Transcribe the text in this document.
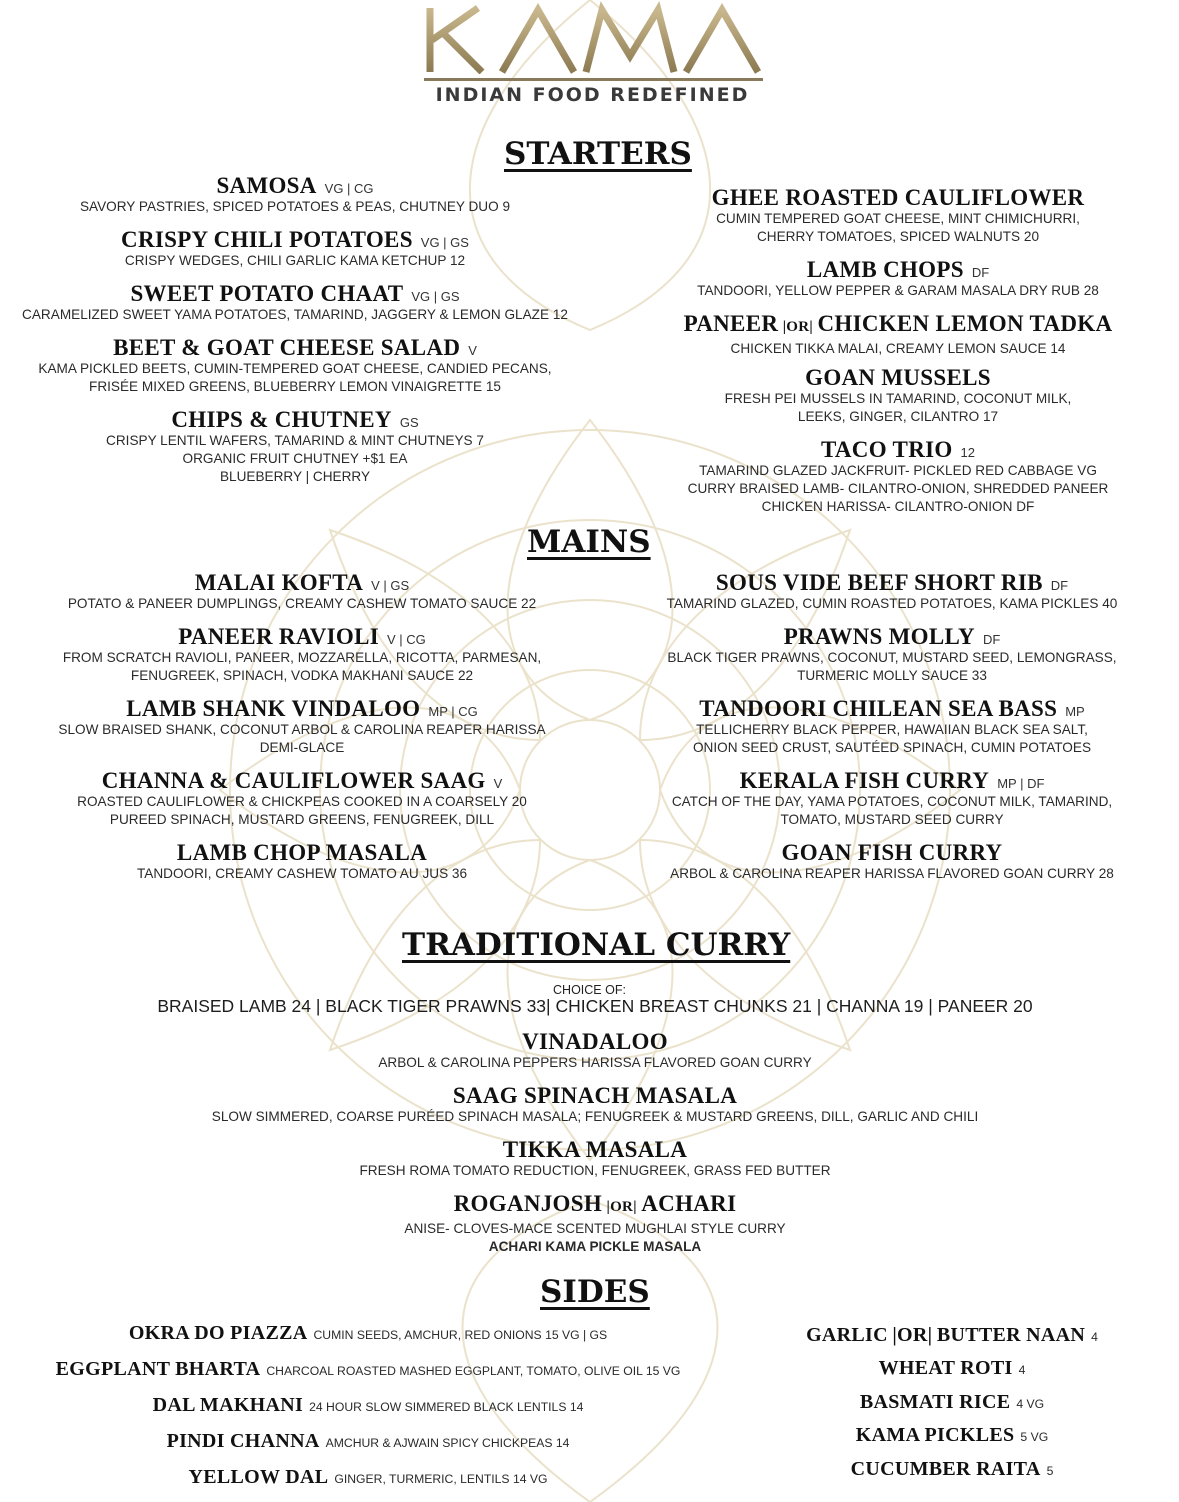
INDIAN FOOD REDEFINED
STARTERS
MAINS
TRADITIONAL CURRY
SIDES
SAMOSA VG | CG
SAVORY PASTRIES, SPICED POTATOES & PEAS, CHUTNEY DUO 9
CRISPY CHILI POTATOES VG | GS
CRISPY WEDGES, CHILI GARLIC KAMA KETCHUP 12
SWEET POTATO CHAAT VG | GS
CARAMELIZED SWEET YAMA POTATOES, TAMARIND, JAGGERY & LEMON GLAZE 12
BEET & GOAT CHEESE SALAD V
KAMA PICKLED BEETS, CUMIN-TEMPERED GOAT CHEESE, CANDIED PECANS,
FRISÉE MIXED GREENS, BLUEBERRY LEMON VINAIGRETTE 15
CHIPS & CHUTNEY GS
CRISPY LENTIL WAFERS, TAMARIND & MINT CHUTNEYS 7
ORGANIC FRUIT CHUTNEY +$1 EA
BLUEBERRY | CHERRY
GHEE ROASTED CAULIFLOWER
CUMIN TEMPERED GOAT CHEESE, MINT CHIMICHURRI,
CHERRY TOMATOES, SPICED WALNUTS 20
LAMB CHOPS DF
TANDOORI, YELLOW PEPPER & GARAM MASALA DRY RUB 28
PANEER |OR| CHICKEN LEMON TADKA
CHICKEN TIKKA MALAI, CREAMY LEMON SAUCE 14
GOAN MUSSELS
FRESH PEI MUSSELS IN TAMARIND, COCONUT MILK,
LEEKS, GINGER, CILANTRO 17
TACO TRIO 12
TAMARIND GLAZED JACKFRUIT- PICKLED RED CABBAGE VG
CURRY BRAISED LAMB- CILANTRO-ONION, SHREDDED PANEER
CHICKEN HARISSA- CILANTRO-ONION DF
MALAI KOFTA V | GS
POTATO & PANEER DUMPLINGS, CREAMY CASHEW TOMATO SAUCE 22
PANEER RAVIOLI V | CG
FROM SCRATCH RAVIOLI, PANEER, MOZZARELLA, RICOTTA, PARMESAN,
FENUGREEK, SPINACH, VODKA MAKHANI SAUCE 22
LAMB SHANK VINDALOO MP | CG
SLOW BRAISED SHANK, COCONUT ARBOL & CAROLINA REAPER HARISSA
DEMI-GLACE
CHANNA & CAULIFLOWER SAAG V
ROASTED CAULIFLOWER & CHICKPEAS COOKED IN A COARSELY 20
PUREED SPINACH, MUSTARD GREENS, FENUGREEK, DILL
LAMB CHOP MASALA
TANDOORI, CREAMY CASHEW TOMATO AU JUS 36
SOUS VIDE BEEF SHORT RIB DF
TAMARIND GLAZED, CUMIN ROASTED POTATOES, KAMA PICKLES 40
PRAWNS MOLLY DF
BLACK TIGER PRAWNS, COCONUT, MUSTARD SEED, LEMONGRASS,
TURMERIC MOLLY SAUCE 33
TANDOORI CHILEAN SEA BASS MP
TELLICHERRY BLACK PEPPER, HAWAIIAN BLACK SEA SALT,
ONION SEED CRUST, SAUTÉED SPINACH, CUMIN POTATOES
KERALA FISH CURRY MP | DF
CATCH OF THE DAY, YAMA POTATOES, COCONUT MILK, TAMARIND,
TOMATO, MUSTARD SEED CURRY
GOAN FISH CURRY
ARBOL & CAROLINA REAPER HARISSA FLAVORED GOAN CURRY 28
CHOICE OF:
BRAISED LAMB 24 | BLACK TIGER PRAWNS 33| CHICKEN BREAST CHUNKS 21 | CHANNA 19 | PANEER 20
VINADALOO
ARBOL & CAROLINA PEPPERS HARISSA FLAVORED GOAN CURRY
SAAG SPINACH MASALA
SLOW SIMMERED, COARSE PURÉED SPINACH MASALA; FENUGREEK & MUSTARD GREENS, DILL, GARLIC AND CHILI
TIKKA MASALA
FRESH ROMA TOMATO REDUCTION, FENUGREEK, GRASS FED BUTTER
ROGANJOSH |OR| ACHARI
ANISE- CLOVES-MACE SCENTED MUGHLAI STYLE CURRY
ACHARI KAMA PICKLE MASALA
OKRA DO PIAZZA CUMIN SEEDS, AMCHUR, RED ONIONS 15 VG | GS
EGGPLANT BHARTA CHARCOAL ROASTED MASHED EGGPLANT, TOMATO, OLIVE OIL 15 VG
DAL MAKHANI 24 HOUR SLOW SIMMERED BLACK LENTILS 14
PINDI CHANNA AMCHUR & AJWAIN SPICY CHICKPEAS 14
YELLOW DAL GINGER, TURMERIC, LENTILS 14 VG
GARLIC |OR| BUTTER NAAN 4
WHEAT ROTI 4
BASMATI RICE 4 VG
KAMA PICKLES 5 VG
CUCUMBER RAITA 5
